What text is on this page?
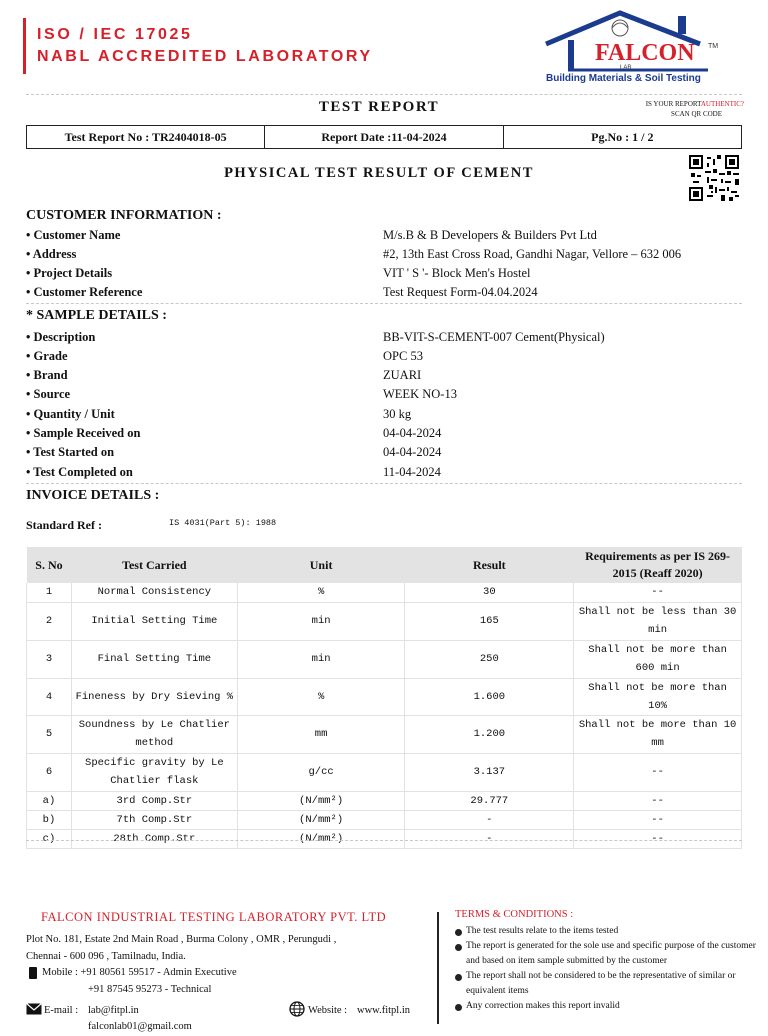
ISO / IEC 17025
NABL ACCREDITED LABORATORY	FALCON
LAB
TM
Building Materials & Soil Testing
TEST REPORT	IS YOUR REPORTAUTHENTIC?
SCAN QR CODE
Test Report No : TR2404018-05	Report Date :11-04-2024	Pg.No : 1 / 2
PHYSICAL TEST RESULT OF CEMENT
CUSTOMER INFORMATION :
• Customer Name	M/s.B & B Developers & Builders Pvt Ltd
• Address	#2, 13th East Cross Road, Gandhi Nagar, Vellore – 632 006
• Project Details	VIT ' S '- Block Men's Hostel
• Customer Reference	Test Request Form-04.04.2024
* SAMPLE DETAILS :
• Description	BB-VIT-S-CEMENT-007 Cement(Physical)
• Grade	OPC 53
• Brand	ZUARI
• Source	WEEK NO-13
• Quantity / Unit	30 kg
• Sample Received on	04-04-2024
• Test Started on	04-04-2024
• Test Completed on	11-04-2024
INVOICE DETAILS :
Standard Ref :	IS 4031(Part 5): 1988
S. No	Test Carried	Unit	Result	Requirements as per IS 269-2015 (Reaff 2020)
1	Normal Consistency	%	30	--
2	Initial Setting Time	min	165	Shall not be less than 30 min
3	Final Setting Time	min	250	Shall not be more than 600 min
4	Fineness by Dry Sieving %	%	1.600	Shall not be more than 10%
5	Soundness by Le Chatlier method	mm	1.200	Shall not be more than 10 mm
6	Specific gravity by Le Chatlier flask	g/cc	3.137	--
a)	3rd Comp.Str	(N/mm²)	29.777	--
b)	7th Comp.Str	(N/mm²)	-	--
c)	28th Comp.Str	(N/mm²)	-	--
FALCON INDUSTRIAL TESTING LABORATORY PVT. LTD
Plot No. 181, Estate 2nd Main Road , Burma Colony , OMR , Perungudi ,
Chennai - 600 096 , Tamilnadu, India.
Mobile : +91 80561 59517 - Admin Executive
+91 87545 95273 - Technical
E-mail : lab@fitpl.in	Website : www.fitpl.in
falconlab01@gmail.com
TERMS & CONDITIONS :
The test results relate to the items tested
The report is generated for the sole use and specific purpose of the customer and based on item sample submitted by the customer
The report shall not be considered to be the representative of similar or equivalent items
Any correction makes this report invalid
